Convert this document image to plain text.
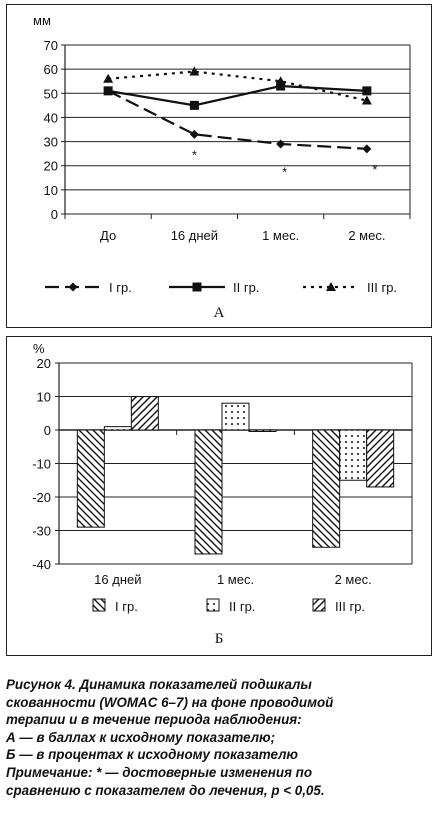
0
10
20
30
40
50
60
70
мм
До	16 дней	1 мес.	2 мес.
*
*	*
I гр.	II гр.	III гр.
А
20
10
0
-10
-20
-30
-40
%
16 дней	1 мес.	2 мес.
I гр.	II гр.	III гр.
Б
Рисунок 4. Динамика показателей подшкалы
скованности (WOMAC 6–7) на фоне проводимой
терапии и в течение периода наблюдения:
А — в баллах к исходному показателю;
Б — в процентах к исходному показателю
Примечание: * — достоверные изменения по
сравнению с показателем до лечения, р < 0,05.
